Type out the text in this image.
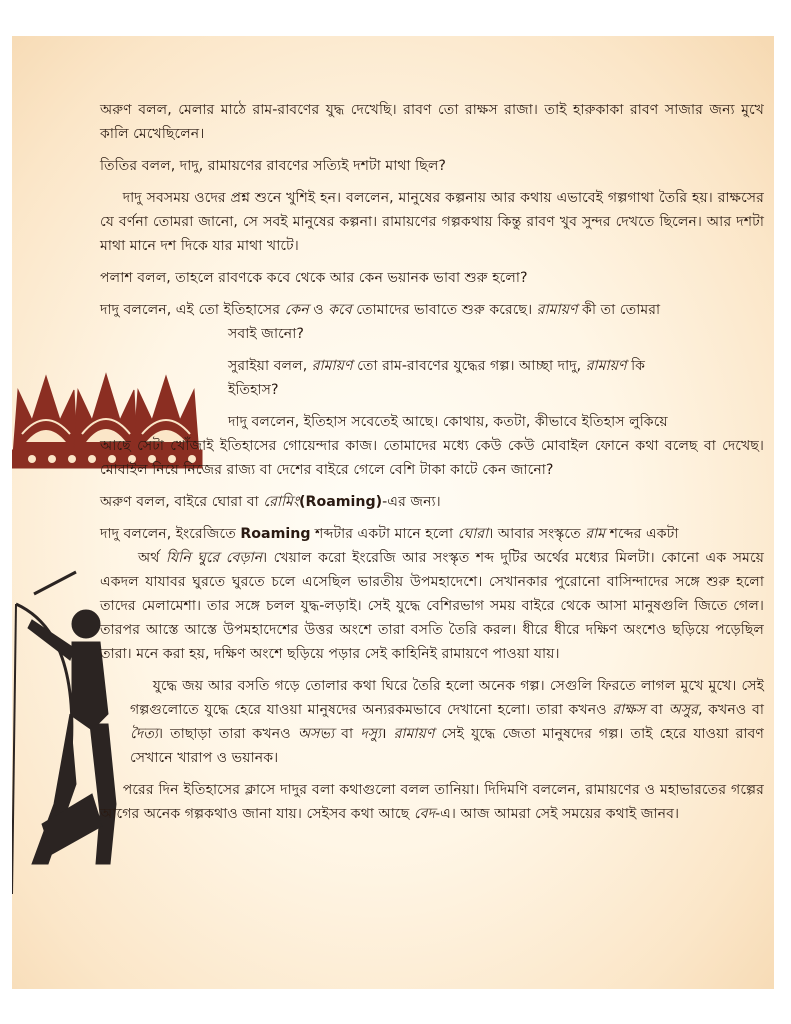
অরুণ বলল, মেলার মাঠে রাম-রাবণের যুদ্ধ দেখেছি। রাবণ তো রাক্ষস রাজা। তাই হারুকাকা রাবণ সাজার জন্য মুখে কালি মেখেছিলেন।

তিতির বলল, দাদু, রামায়ণের রাবণের সত্যিই দশটা মাথা ছিল?

দাদু সবসময় ওদের প্রশ্ন শুনে খুশিই হন। বললেন, মানুষের কল্পনায় আর কথায় এভাবেই গল্পগাথা তৈরি হয়। রাক্ষসের যে বর্ণনা তোমরা জানো, সে সবই মানুষের কল্পনা। রামায়ণের গল্পকথায় কিন্তু রাবণ খুব সুন্দর দেখতে ছিলেন। আর দশটা মাথা মানে দশ দিকে যার মাথা খাটে।

পলাশ বলল, তাহলে রাবণকে কবে থেকে আর কেন ভয়ানক ভাবা শুরু হলো?

দাদু বললেন, এই তো ইতিহাসের কেন ও কবে তোমাদের ভাবাতে শুরু করেছে। রামায়ণ কী তা তোমরা
সবাই জানো?

সুরাইয়া বলল, রামায়ণ তো রাম-রাবণের যুদ্ধের গল্প। আচ্ছা দাদু, রামায়ণ কি
ইতিহাস?

দাদু বললেন, ইতিহাস সবেতেই আছে। কোথায়, কতটা, কীভাবে ইতিহাস লুকিয়ে
আছে সেটা খোঁজাই ইতিহাসের গোয়েন্দার কাজ। তোমাদের মধ্যে কেউ কেউ মোবাইল ফোনে কথা বলেছ বা দেখেছ। মোবাইল নিয়ে নিজের রাজ্য বা দেশের বাইরে গেলে বেশি টাকা কাটে কেন জানো?

অরুণ বলল, বাইরে ঘোরা বা রোমিং(Roaming)-এর জন্য।

দাদু বললেন, ইংরেজিতে Roaming শব্দটার একটা মানে হলো ঘোরা। আবার সংস্কৃতে রাম শব্দের একটা
অর্থ যিনি ঘুরে বেড়ান। খেয়াল করো ইংরেজি আর সংস্কৃত শব্দ দুটির অর্থের মধ্যের মিলটা। কোনো এক সময়ে একদল যাযাবর ঘুরতে ঘুরতে চলে এসেছিল ভারতীয় উপমহাদেশে। সেখানকার পুরোনো বাসিন্দাদের সঙ্গে শুরু হলো তাদের মেলামেশা। তার সঙ্গে চলল যুদ্ধ-লড়াই। সেই যুদ্ধে বেশিরভাগ সময় বাইরে থেকে আসা মানুষগুলি জিতে গেল। তারপর আস্তে আস্তে উপমহাদেশের উত্তর অংশে তারা বসতি তৈরি করল। ধীরে ধীরে দক্ষিণ অংশেও ছড়িয়ে পড়েছিল তারা। মনে করা হয়, দক্ষিণ অংশে ছড়িয়ে পড়ার সেই কাহিনিই রামায়ণে পাওয়া যায়।

যুদ্ধে জয় আর বসতি গড়ে তোলার কথা ঘিরে তৈরি হলো অনেক গল্প। সেগুলি ফিরতে লাগল মুখে মুখে। সেই গল্পগুলোতে যুদ্ধে হেরে যাওয়া মানুষদের অন্যরকমভাবে দেখানো হলো। তারা কখনও রাক্ষস বা অসুর, কখনও বা দৈত্য। তাছাড়া তারা কখনও অসভ্য বা দস্যু। রামায়ণ সেই যুদ্ধে জেতা মানুষদের গল্প। তাই হেরে যাওয়া রাবণ সেখানে খারাপ ও ভয়ানক।

পরের দিন ইতিহাসের ক্লাসে দাদুর বলা কথাগুলো বলল তানিয়া। দিদিমণি বললেন, রামায়ণের ও মহাভারতের গল্পের আগের অনেক গল্পকথাও জানা যায়। সেইসব কথা আছে বেদ-এ। আজ আমরা সেই সময়ের কথাই জানব।
